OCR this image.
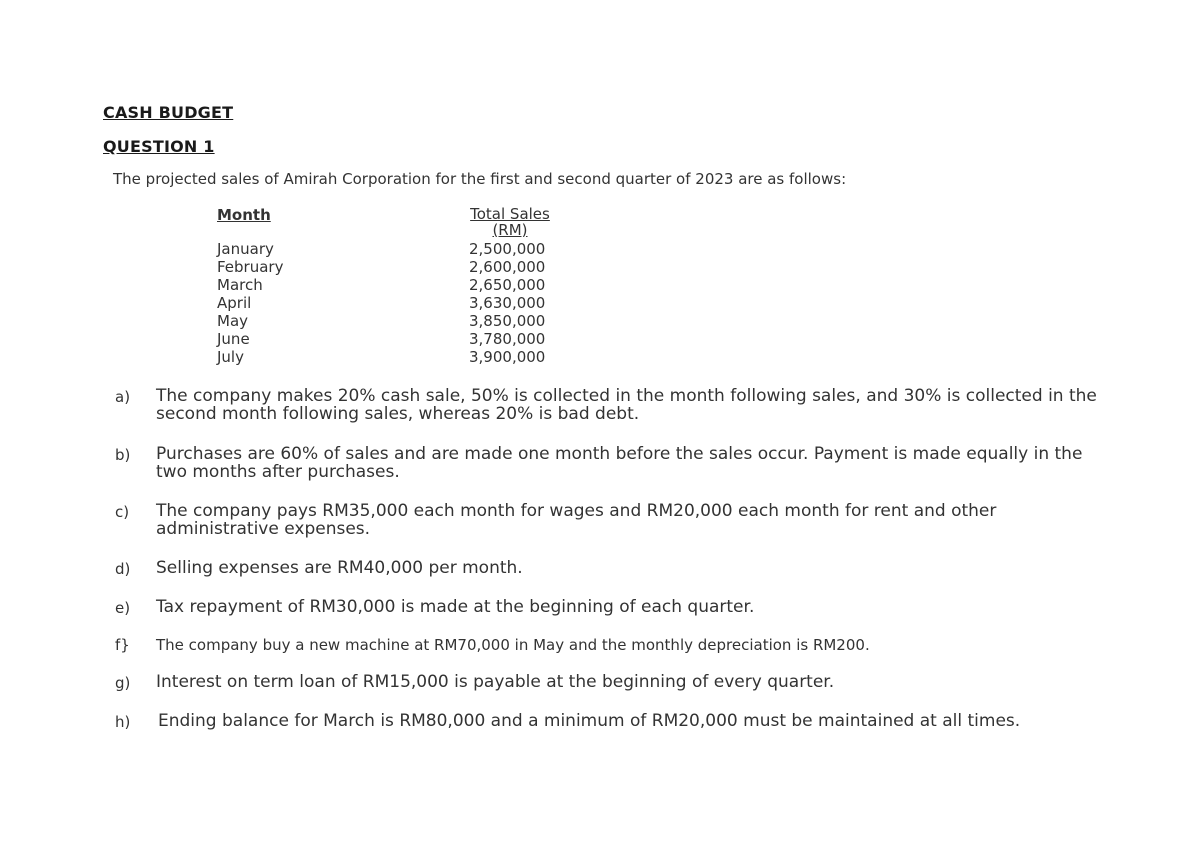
CASH BUDGET
QUESTION 1

The projected sales of Amirah Corporation for the first and second quarter of 2023 are as follows:

Month	Total Sales
(RM)
January	2,500,000
February	2,600,000
March	2,650,000
April	3,630,000
May	3,850,000
June	3,780,000
July	3,900,000
a) The company makes 20% cash sale, 50% is collected in the month following sales, and 30% is collected in the second month following sales, whereas 20% is bad debt.

b) Purchases are 60% of sales and are made one month before the sales occur. Payment is made equally in the two months after purchases.

c) The company pays RM35,000 each month for wages and RM20,000 each month for rent and other administrative expenses.

d) Selling expenses are RM40,000 per month.

e) Tax repayment of RM30,000 is made at the beginning of each quarter.

f} The company buy a new machine at RM70,000 in May and the monthly depreciation is RM200.

g) Interest on term loan of RM15,000 is payable at the beginning of every quarter.

h) Ending balance for March is RM80,000 and a minimum of RM20,000 must be maintained at all times.
